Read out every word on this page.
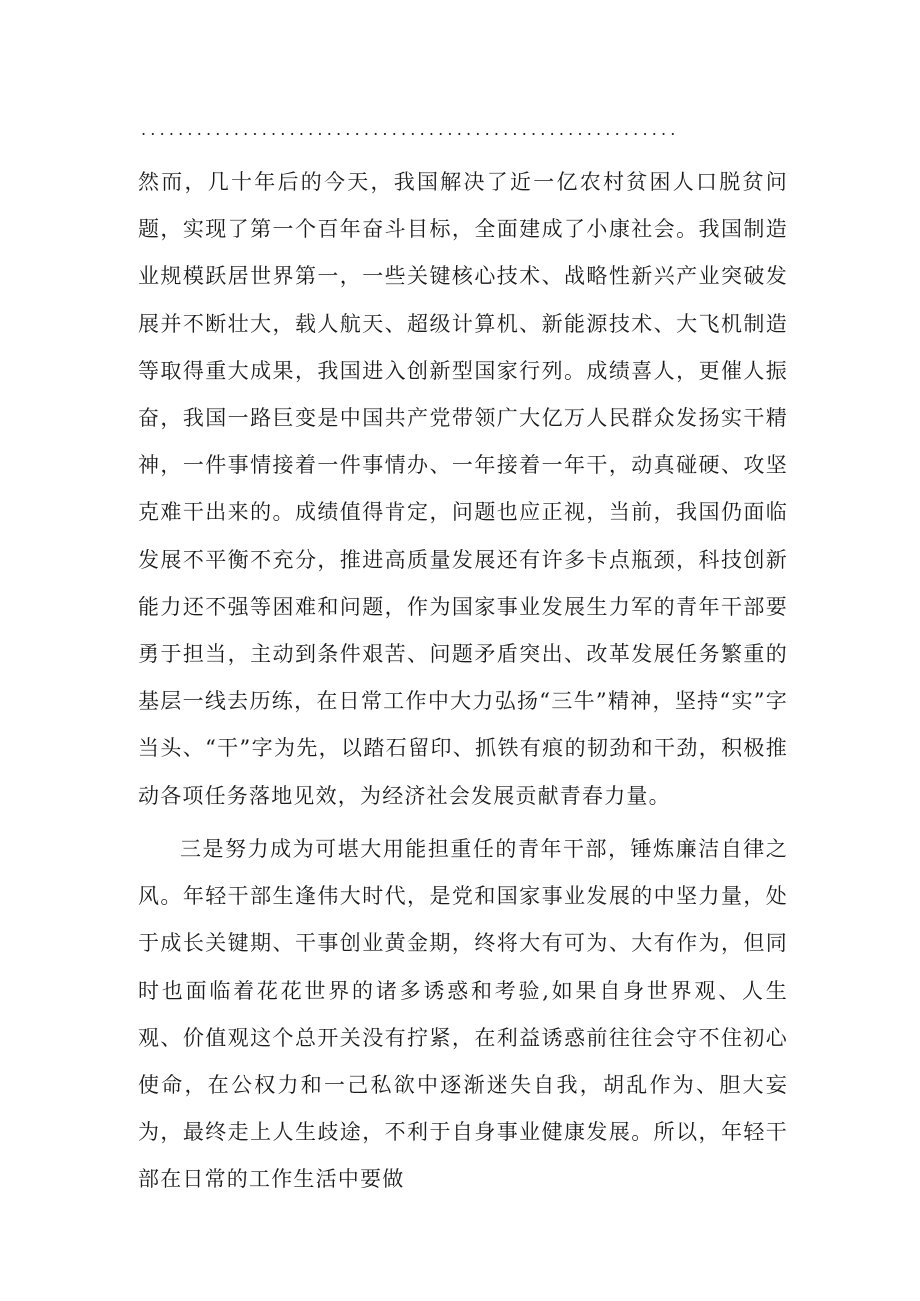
..........................................................

然而，几十年后的今天，我国解决了近一亿农村贫困人口脱贫问题，实现了第一个百年奋斗目标，全面建成了小康社会。我国制造业规模跃居世界第一，一些关键核心技术、战略性新兴产业突破发展并不断壮大，载人航天、超级计算机、新能源技术、大飞机制造等取得重大成果，我国进入创新型国家行列。成绩喜人，更催人振奋，我国一路巨变是中国共产党带领广大亿万人民群众发扬实干精神，一件事情接着一件事情办、一年接着一年干，动真碰硬、攻坚克难干出来的。成绩值得肯定，问题也应正视，当前，我国仍面临发展不平衡不充分，推进高质量发展还有许多卡点瓶颈，科技创新能力还不强等困难和问题，作为国家事业发展生力军的青年干部要勇于担当，主动到条件艰苦、问题矛盾突出、改革发展任务繁重的基层一线去历练，在日常工作中大力弘扬“三牛”精神，坚持“实”字当头、“干”字为先，以踏石留印、抓铁有痕的韧劲和干劲，积极推动各项任务落地见效，为经济社会发展贡献青春力量。

三是努力成为可堪大用能担重任的青年干部，锤炼廉洁自律之风。年轻干部生逢伟大时代，是党和国家事业发展的中坚力量，处于成长关键期、干事创业黄金期，终将大有可为、大有作为，但同时也面临着花花世界的诸多诱惑和考验,如果自身世界观、人生观、价值观这个总开关没有拧紧，在利益诱惑前往往会守不住初心使命，在公权力和一己私欲中逐渐迷失自我，胡乱作为、胆大妄为，最终走上人生歧途，不利于自身事业健康发展。所以，年轻干部在日常的工作生活中要做
